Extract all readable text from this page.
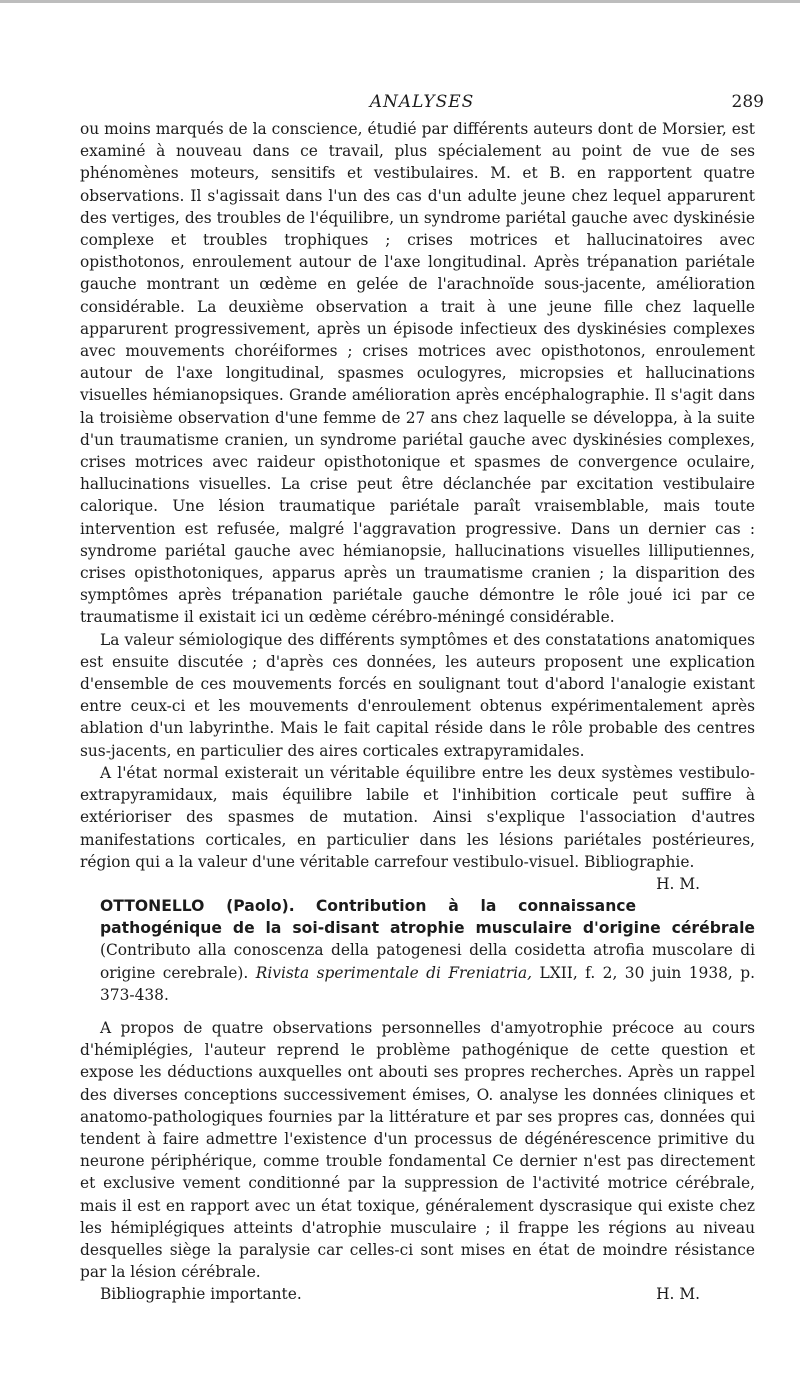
ANALYSES	289

ou moins marqués de la conscience, étudié par différents auteurs dont de Morsier, est examiné à nouveau dans ce travail, plus spécialement au point de vue de ses phénomènes moteurs, sensitifs et vestibulaires. M. et B. en rapportent quatre observations. Il s'agissait dans l'un des cas d'un adulte jeune chez lequel apparurent des vertiges, des troubles de l'équilibre, un syndrome pariétal gauche avec dyskinésie complexe et troubles trophiques ; crises motrices et hallucinatoires avec opisthotonos, enroulement autour de l'axe longitudinal. Après trépanation pariétale gauche montrant un œdème en gelée de l'arachnoïde sous-jacente, amélioration considérable. La deuxième observation a trait à une jeune fille chez laquelle apparurent progressivement, après un épisode infectieux des dyskinésies complexes avec mouvements choréiformes ; crises motrices avec opisthotonos, enroulement autour de l'axe longitudinal, spasmes oculogyres, micropsies et hallucinations visuelles hémianopsiques. Grande amélioration après encéphalographie. Il s'agit dans la troisième observation d'une femme de 27 ans chez laquelle se développa, à la suite d'un traumatisme cranien, un syndrome pariétal gauche avec dyskinésies complexes, crises motrices avec raideur opisthotonique et spasmes de convergence oculaire, hallucinations visuelles. La crise peut être déclanchée par excitation vestibulaire calorique. Une lésion traumatique pariétale paraît vraisemblable, mais toute intervention est refusée, malgré l'aggravation progressive. Dans un dernier cas : syndrome pariétal gauche avec hémianopsie, hallucinations visuelles lilliputiennes, crises opisthotoniques, apparus après un traumatisme cranien ; la disparition des symptômes après trépanation pariétale gauche démontre le rôle joué ici par ce traumatisme il existait ici un œdème cérébro-méningé considérable.

La valeur sémiologique des différents symptômes et des constatations anatomiques est ensuite discutée ; d'après ces données, les auteurs proposent une explication d'ensemble de ces mouvements forcés en soulignant tout d'abord l'analogie existant entre ceux-ci et les mouvements d'enroulement obtenus expérimentalement après ablation d'un labyrinthe. Mais le fait capital réside dans le rôle probable des centres sus-jacents, en particulier des aires corticales extrapyramidales.

A l'état normal existerait un véritable équilibre entre les deux systèmes vestibulo-extrapyramidaux, mais équilibre labile et l'inhibition corticale peut suffire à extérioriser des spasmes de mutation. Ainsi s'explique l'association d'autres manifestations corticales, en particulier dans les lésions pariétales postérieures, région qui a la valeur d'une véritable carrefour vestibulo-visuel. Bibliographie.
H. M.

OTTONELLO (Paolo). Contribution à la connaissance pathogénique de la soi-disant atrophie musculaire d'origine cérébrale (Contributo alla conoscenza della patogenesi della cosidetta atrofia muscolare di origine cerebrale). Rivista sperimentale di Freniatria, LXII, f. 2, 30 juin 1938, p. 373-438.

A propos de quatre observations personnelles d'amyotrophie précoce au cours d'hémiplégies, l'auteur reprend le problème pathogénique de cette question et expose les déductions auxquelles ont abouti ses propres recherches. Après un rappel des diverses conceptions successivement émises, O. analyse les données cliniques et anatomo-pathologiques fournies par la littérature et par ses propres cas, données qui tendent à faire admettre l'existence d'un processus de dégénérescence primitive du neurone périphérique, comme trouble fondamental Ce dernier n'est pas directement et exclusive vement conditionné par la suppression de l'activité motrice cérébrale, mais il est en rapport avec un état toxique, généralement dyscrasique qui existe chez les hémiplégiques atteints d'atrophie musculaire ; il frappe les régions au niveau desquelles siège la paralysie car celles-ci sont mises en état de moindre résistance par la lésion cérébrale.

Bibliographie importante.	H. M.
